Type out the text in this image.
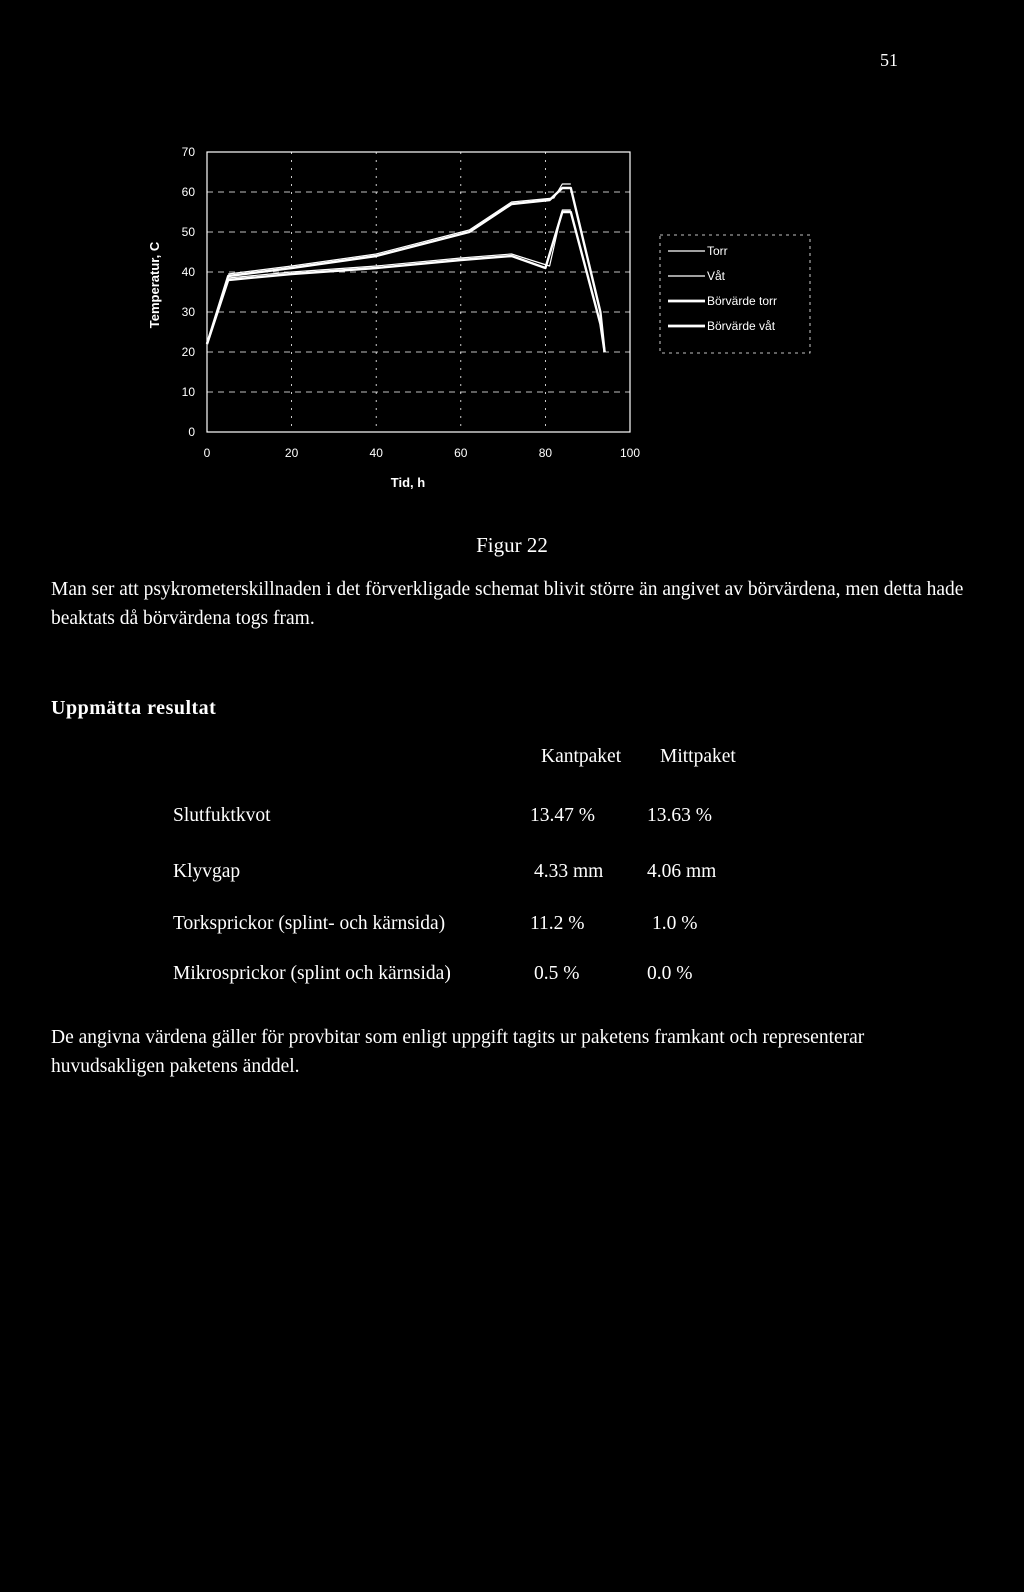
51
70
60
50
40
30
20
10
0
0	20	40	60	80	100
Torr
Våt
Börvärde torr
Börvärde våt
Tid, h
Temperatur, C
Figur 22
Man ser att psykrometerskillnaden i det förverkligade schemat blivit större än angivet av börvärdena, men detta hade beaktats då börvärdena togs fram.
Uppmätta resultat
Kantpaket Mittpaket
Slutfuktkvot	13.47 %	13.63 %
Klyvgap	4.33 mm 4.06 mm
Torksprickor (splint- och kärnsida)	11.2 %	1.0 %
Mikrosprickor (splint och kärnsida)	0.5 %	0.0 %
De angivna värdena gäller för provbitar som enligt uppgift tagits ur paketens framkant och representerar huvudsakligen paketens änddel.
